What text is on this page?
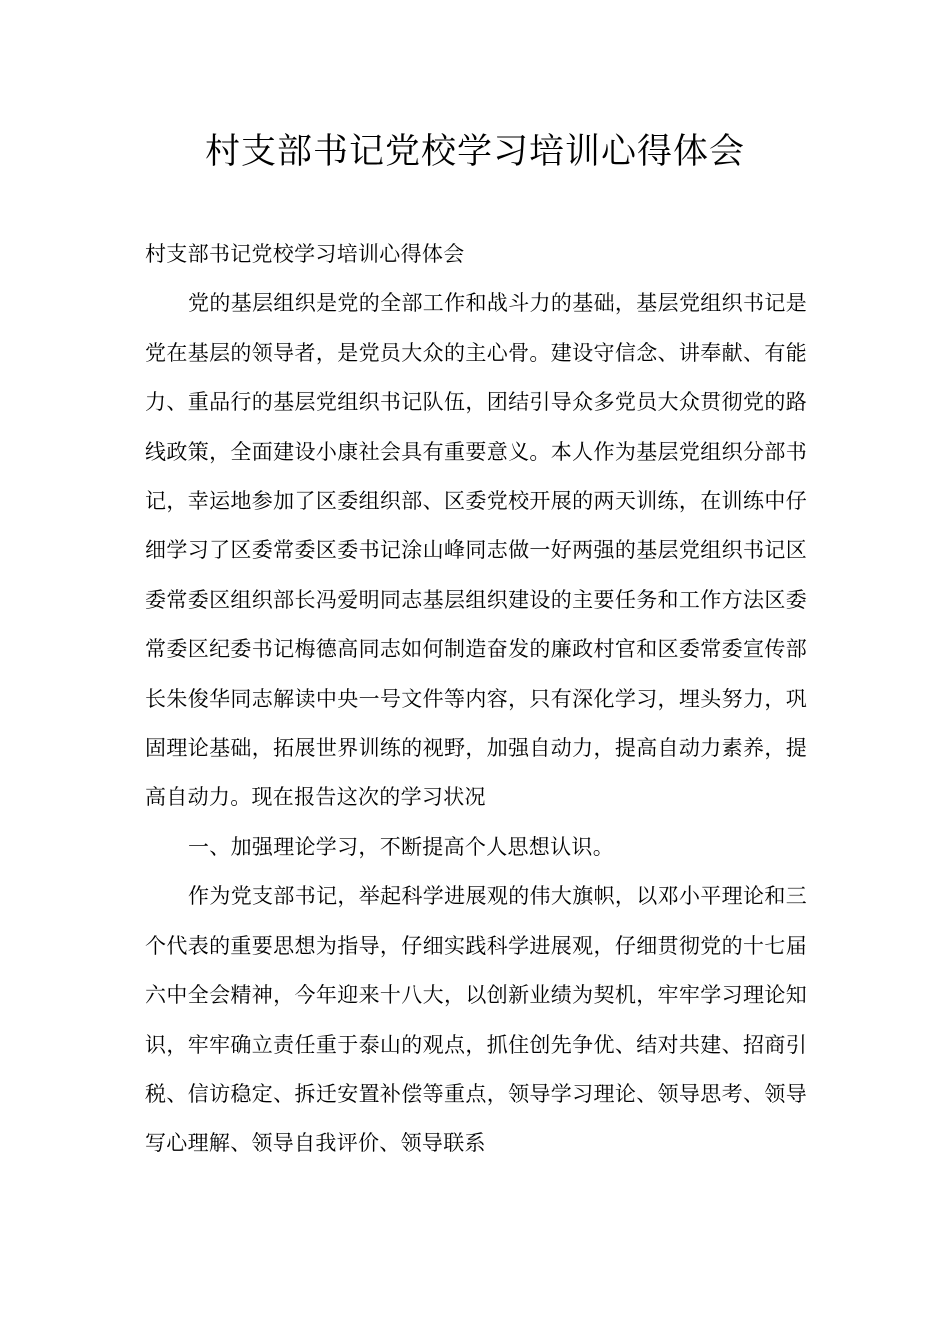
村支部书记党校学习培训心得体会

村支部书记党校学习培训心得体会

党的基层组织是党的全部工作和战斗力的基础，基层党组织书记是党在基层的领导者，是党员大众的主心骨。建设守信念、讲奉献、有能力、重品行的基层党组织书记队伍，团结引导众多党员大众贯彻党的路线政策，全面建设小康社会具有重要意义。本人作为基层党组织分部书记，幸运地参加了区委组织部、区委党校开展的两天训练，在训练中仔细学习了区委常委区委书记涂山峰同志做一好两强的基层党组织书记区委常委区组织部长冯爱明同志基层组织建设的主要任务和工作方法区委常委区纪委书记梅德高同志如何制造奋发的廉政村官和区委常委宣传部长朱俊华同志解读中央一号文件等内容，只有深化学习，埋头努力，巩固理论基础，拓展世界训练的视野，加强自动力，提高自动力素养，提高自动力。现在报告这次的学习状况

一、加强理论学习，不断提高个人思想认识。

作为党支部书记，举起科学进展观的伟大旗帜，以邓小平理论和三个代表的重要思想为指导，仔细实践科学进展观，仔细贯彻党的十七届六中全会精神，今年迎来十八大，以创新业绩为契机，牢牢学习理论知识，牢牢确立责任重于泰山的观点，抓住创先争优、结对共建、招商引税、信访稳定、拆迁安置补偿等重点，领导学习理论、领导思考、领导写心理解、领导自我评价、领导联系
